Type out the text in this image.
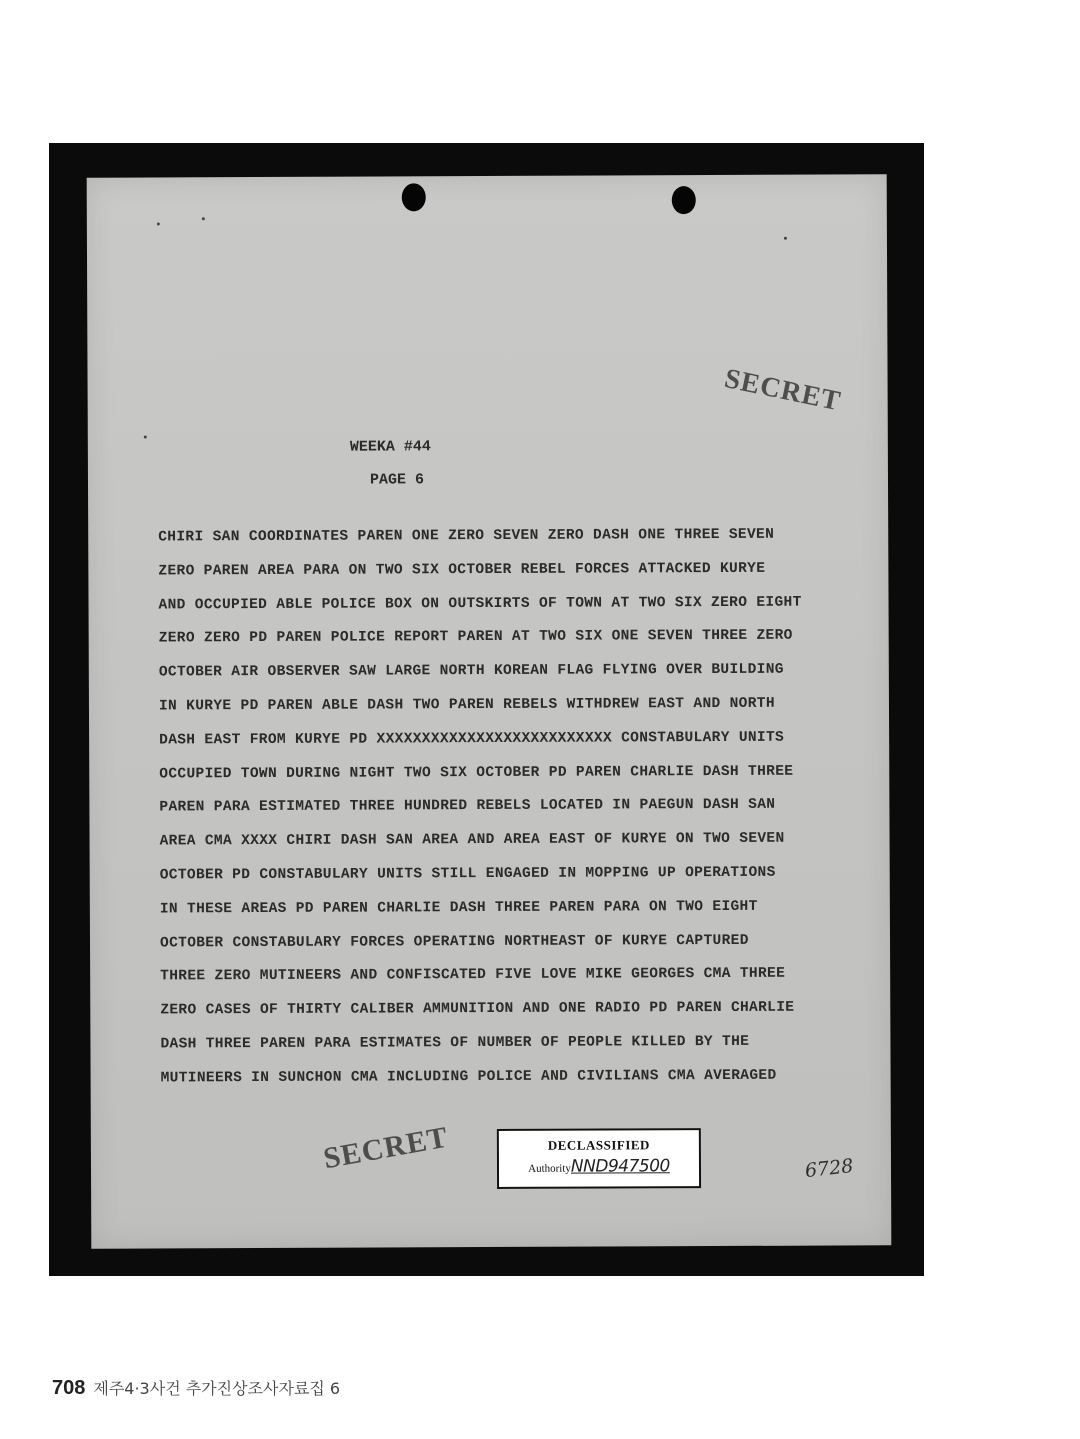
SECRET
WEEKA #44
PAGE 6
CHIRI SAN COORDINATES PAREN ONE ZERO SEVEN ZERO DASH ONE THREE SEVEN
ZERO PAREN AREA PARA ON TWO SIX OCTOBER REBEL FORCES ATTACKED KURYE
AND OCCUPIED ABLE POLICE BOX ON OUTSKIRTS OF TOWN AT TWO SIX ZERO EIGHT
ZERO ZERO PD PAREN POLICE REPORT PAREN AT TWO SIX ONE SEVEN THREE ZERO
OCTOBER AIR OBSERVER SAW LARGE NORTH KOREAN FLAG FLYING OVER BUILDING
IN KURYE PD PAREN ABLE DASH TWO PAREN REBELS WITHDREW EAST AND NORTH
DASH EAST FROM KURYE PD XXXXXXXXXXXXXXXXXXXXXXXXXX CONSTABULARY UNITS
OCCUPIED TOWN DURING NIGHT TWO SIX OCTOBER PD PAREN CHARLIE DASH THREE
PAREN PARA ESTIMATED THREE HUNDRED REBELS LOCATED IN PAEGUN DASH SAN
AREA CMA XXXX CHIRI DASH SAN AREA AND AREA EAST OF KURYE ON TWO SEVEN
OCTOBER PD CONSTABULARY UNITS STILL ENGAGED IN MOPPING UP OPERATIONS
IN THESE AREAS PD PAREN CHARLIE DASH THREE PAREN PARA ON TWO EIGHT
OCTOBER CONSTABULARY FORCES OPERATING NORTHEAST OF KURYE CAPTURED
THREE ZERO MUTINEERS AND CONFISCATED FIVE LOVE MIKE GEORGES CMA THREE
ZERO CASES OF THIRTY CALIBER AMMUNITION AND ONE RADIO PD PAREN CHARLIE
DASH THREE PAREN PARA ESTIMATES OF NUMBER OF PEOPLE KILLED BY THE
MUTINEERS IN SUNCHON CMA INCLUDING POLICE AND CIVILIANS CMA AVERAGED
SECRET	DECLASSIFIED
AuthorityNND947500	6728
708 제주4·3사건 추가진상조사자료집 6
